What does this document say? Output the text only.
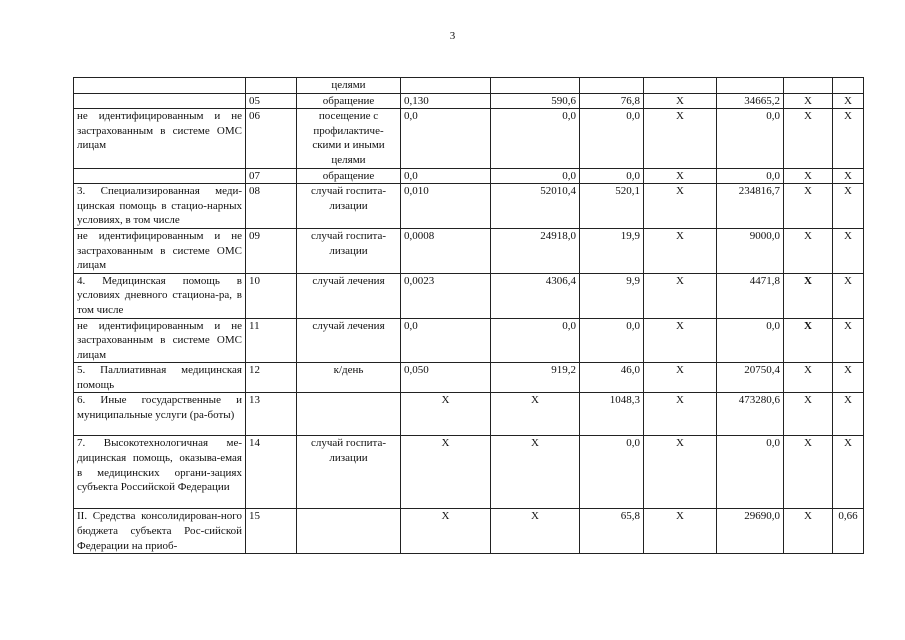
3
		целями							
	05	обращение	0,130	590,6	76,8	Х	34665,2	Х	Х
не идентифицированным и не застрахованным в системе ОМС лицам	06	посещение с профилактиче-скими и иными целями	0,0	0,0	0,0	Х	0,0	Х	Х
	07	обращение	0,0	0,0	0,0	Х	0,0	Х	Х
3. Специализированная меди-цинская помощь в стацио-нарных условиях, в том числе	08	случай госпита-лизации	0,010	52010,4	520,1	Х	234816,7	Х	Х
не идентифицированным и не застрахованным в системе ОМС лицам	09	случай госпита-лизации	0,0008	24918,0	19,9	Х	9000,0	Х	Х
4. Медицинская помощь в условиях дневного стациона-ра, в том числе	10	случай лечения	0,0023	4306,4	9,9	Х	4471,8	Х	Х
не идентифицированным и не застрахованным в системе ОМС лицам	11	случай лечения	0,0	0,0	0,0	Х	0,0	Х	Х
5. Паллиативная медицинская помощь	12	к/день	0,050	919,2	46,0	Х	20750,4	Х	Х
6. Иные государственные и муниципальные услуги (ра-боты)	13		Х	Х	1048,3	Х	473280,6	Х	Х
7. Высокотехнологичная ме-дицинская помощь, оказыва-емая в медицинских органи-зациях субъекта Российской Федерации	14	случай госпита-лизации	Х	Х	0,0	Х	0,0	Х	Х
II. Средства консолидирован-ного бюджета субъекта Рос-сийской Федерации на приоб-	15		Х	Х	65,8	Х	29690,0	Х	0,66
